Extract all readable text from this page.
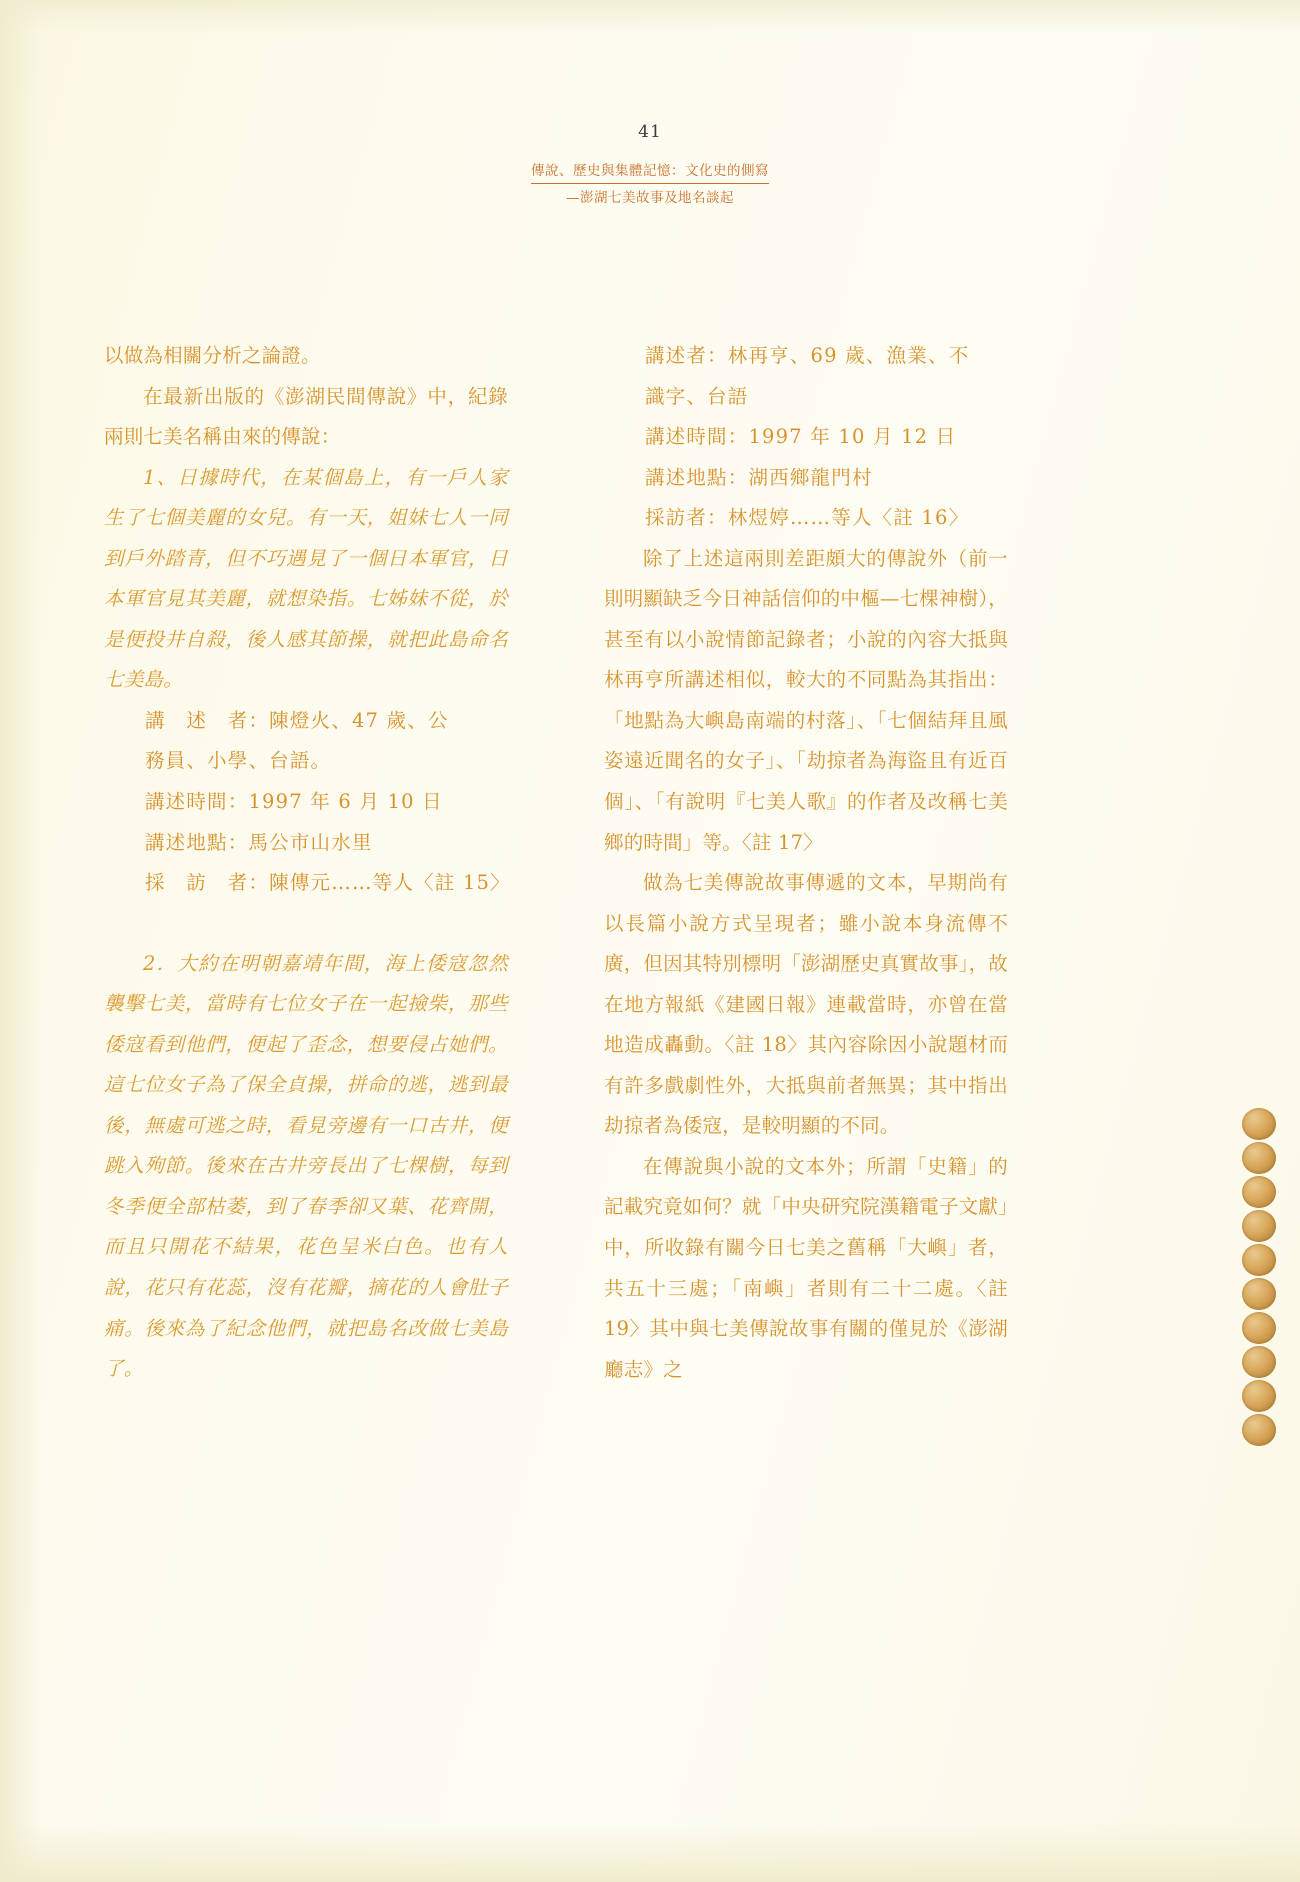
41
傳說、歷史與集體記憶：文化史的側寫
—澎湖七美故事及地名談起

以做為相關分析之論證。

在最新出版的《澎湖民間傳說》中，紀錄兩則七美名稱由來的傳說：

1、日據時代，在某個島上，有一戶人家生了七個美麗的女兒。有一天，姐妹七人一同到戶外踏青，但不巧遇見了一個日本軍官，日本軍官見其美麗，就想染指。七姊妹不從，於是便投井自殺，後人感其節操，就把此島命名七美島。

講　述　者：陳燈火、47 歲、公

務員、小學、台語。

講述時間：1997 年 6 月 10 日

講述地點：馬公市山水里

採　訪　者：陳傳元……等人〈註 15〉

2．大約在明朝嘉靖年間，海上倭寇忽然襲擊七美，當時有七位女子在一起撿柴，那些倭寇看到他們，便起了歪念，想要侵占她們。這七位女子為了保全貞操，拼命的逃，逃到最後，無處可逃之時，看見旁邊有一口古井，便跳入殉節。後來在古井旁長出了七棵樹，每到冬季便全部枯萎，到了春季卻又葉、花齊開，而且只開花不結果，花色呈米白色。也有人說，花只有花蕊，沒有花瓣，摘花的人會肚子痛。後來為了紀念他們，就把島名改做七美島了。

講述者：林再亨、69 歲、漁業、不

識字、台語

講述時間：1997 年 10 月 12 日

講述地點：湖西鄉龍門村

採訪者：林煜婷……等人〈註 16〉

除了上述這兩則差距頗大的傳說外（前一則明顯缺乏今日神話信仰的中樞—七棵神樹），甚至有以小說情節記錄者；小說的內容大抵與林再亨所講述相似，較大的不同點為其指出：「地點為大嶼島南端的村落」、「七個結拜且風姿遠近聞名的女子」、「劫掠者為海盜且有近百個」、「有說明『七美人歌』的作者及改稱七美鄉的時間」等。〈註 17〉

做為七美傳說故事傳遞的文本，早期尚有以長篇小說方式呈現者；雖小說本身流傳不廣，但因其特別標明「澎湖歷史真實故事」，故在地方報紙《建國日報》連載當時，亦曾在當地造成轟動。〈註 18〉其內容除因小說題材而有許多戲劇性外，大抵與前者無異；其中指出劫掠者為倭寇，是較明顯的不同。

在傳說與小說的文本外；所謂「史籍」的記載究竟如何？就「中央研究院漢籍電子文獻」中，所收錄有關今日七美之舊稱「大嶼」者，共五十三處；「南嶼」者則有二十二處。〈註 19〉其中與七美傳說故事有關的僅見於《澎湖廳志》之
